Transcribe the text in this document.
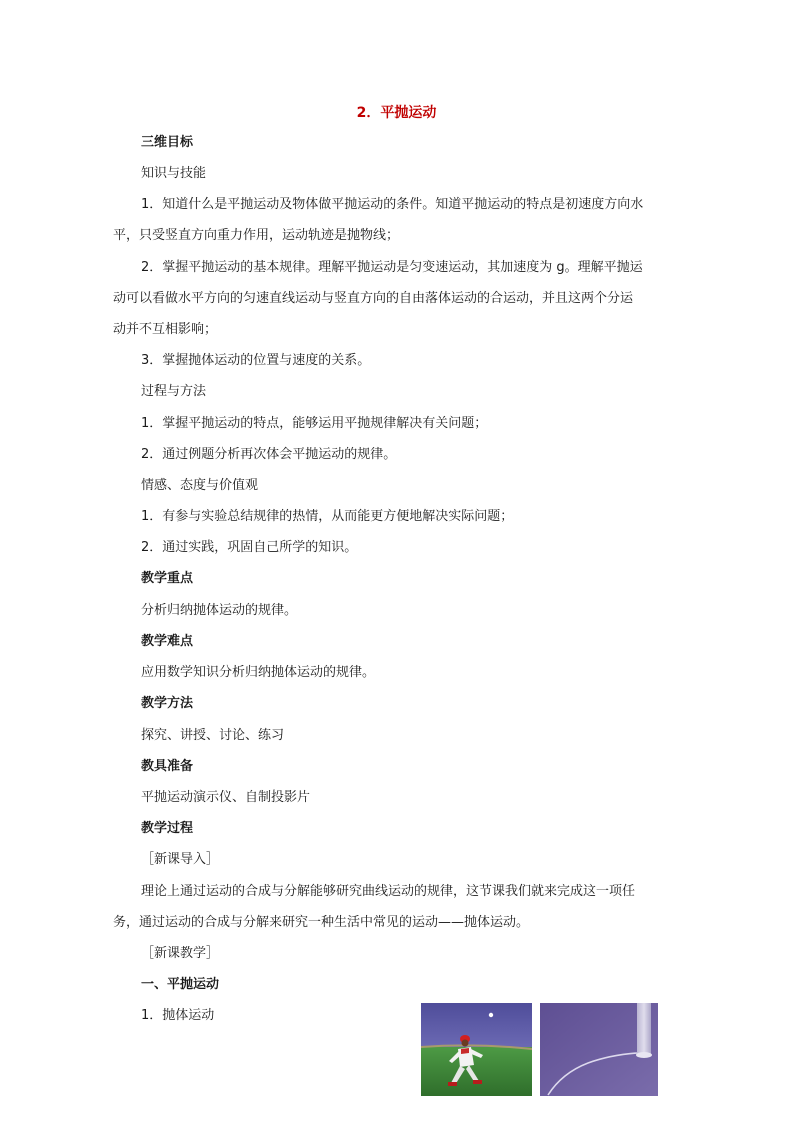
2．平抛运动
三维目标
知识与技能
1．知道什么是平抛运动及物体做平抛运动的条件。知道平抛运动的特点是初速度方向水
平，只受竖直方向重力作用，运动轨迹是抛物线；
2．掌握平抛运动的基本规律。理解平抛运动是匀变速运动，其加速度为 g。理解平抛运
动可以看做水平方向的匀速直线运动与竖直方向的自由落体运动的合运动，并且这两个分运
动并不互相影响；
3．掌握抛体运动的位置与速度的关系。
过程与方法
1．掌握平抛运动的特点，能够运用平抛规律解决有关问题；
2．通过例题分析再次体会平抛运动的规律。
情感、态度与价值观
1．有参与实验总结规律的热情，从而能更方便地解决实际问题；
2．通过实践，巩固自己所学的知识。
教学重点
分析归纳抛体运动的规律。
教学难点
应用数学知识分析归纳抛体运动的规律。
教学方法
探究、讲授、讨论、练习
教具准备
平抛运动演示仪、自制投影片
教学过程
［新课导入］
理论上通过运动的合成与分解能够研究曲线运动的规律，这节课我们就来完成这一项任
务，通过运动的合成与分解来研究一种生活中常见的运动——抛体运动。
［新课教学］
一、平抛运动
1．抛体运动
